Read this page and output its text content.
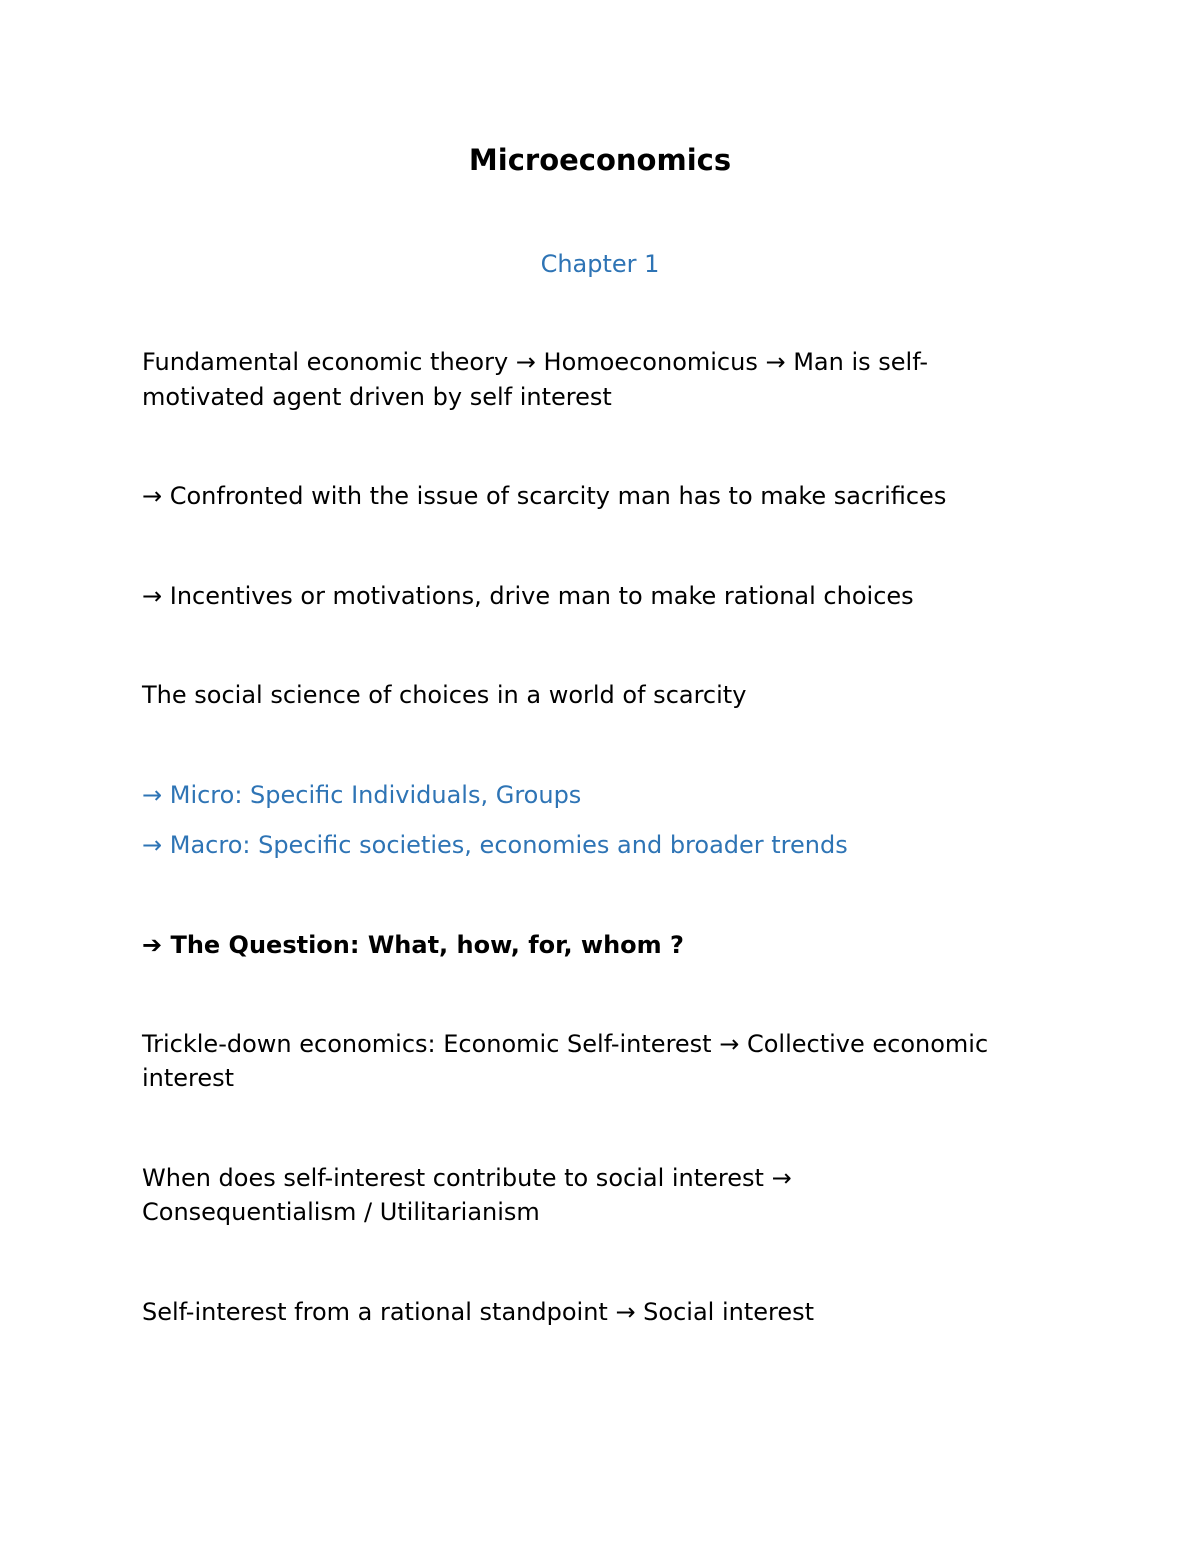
Microeconomics
Chapter 1
Fundamental economic theory → Homoeconomicus → Man is self-
motivated agent driven by self interest
→ Confronted with the issue of scarcity man has to make sacrifices
→ Incentives or motivations, drive man to make rational choices
The social science of choices in a world of scarcity
→ Micro: Specific Individuals, Groups
→ Macro: Specific societies, economies and broader trends
➔ The Question: What, how, for, whom ?
Trickle-down economics: Economic Self-interest → Collective economic
interest
When does self-interest contribute to social interest →
Consequentialism / Utilitarianism
Self-interest from a rational standpoint → Social interest
